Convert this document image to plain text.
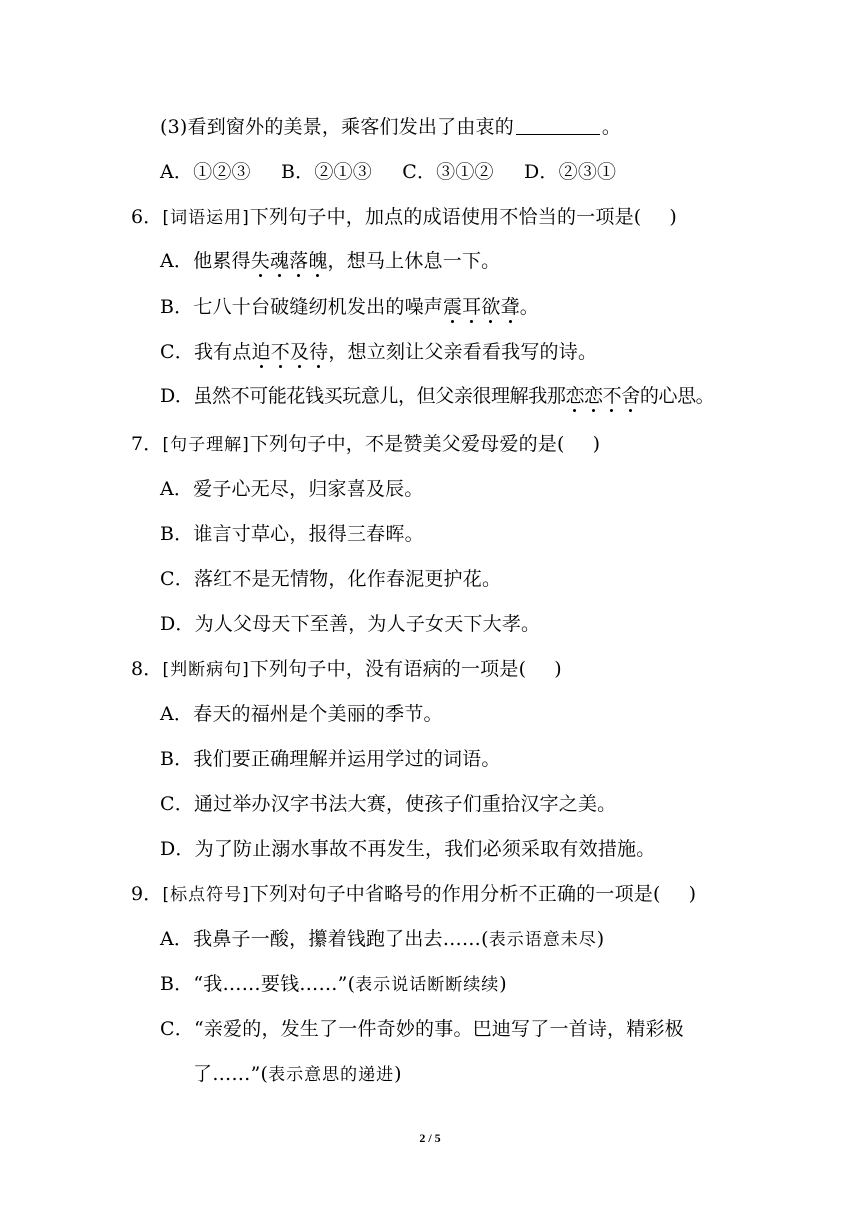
(3)看到窗外的美景，乘客们发出了由衷的	。
A．①②③ B．②①③ C．③①② D．②③①
6．[词语运用]下列句子中，加点的成语使用不恰当的一项是( )
A．他累得失魂落魄，想马上休息一下。
B．七八十台破缝纫机发出的噪声震耳欲聋。
C．我有点迫不及待，想立刻让父亲看看我写的诗。
D．虽然不可能花钱买玩意儿，但父亲很理解我那恋恋不舍的心思。
7．[句子理解]下列句子中，不是赞美父爱母爱的是( )
A．爱子心无尽，归家喜及辰。
B．谁言寸草心，报得三春晖。
C．落红不是无情物，化作春泥更护花。
D．为人父母天下至善，为人子女天下大孝。
8．[判断病句]下列句子中，没有语病的一项是( )
A．春天的福州是个美丽的季节。
B．我们要正确理解并运用学过的词语。
C．通过举办汉字书法大赛，使孩子们重拾汉字之美。
D．为了防止溺水事故不再发生，我们必须采取有效措施。
9．[标点符号]下列对句子中省略号的作用分析不正确的一项是( )
A．我鼻子一酸，攥着钱跑了出去……(表示语意未尽)
B．“我……要钱……”(表示说话断断续续)
C．“亲爱的，发生了一件奇妙的事。巴迪写了一首诗，精彩极
了……”(表示意思的递进)
2 / 5
